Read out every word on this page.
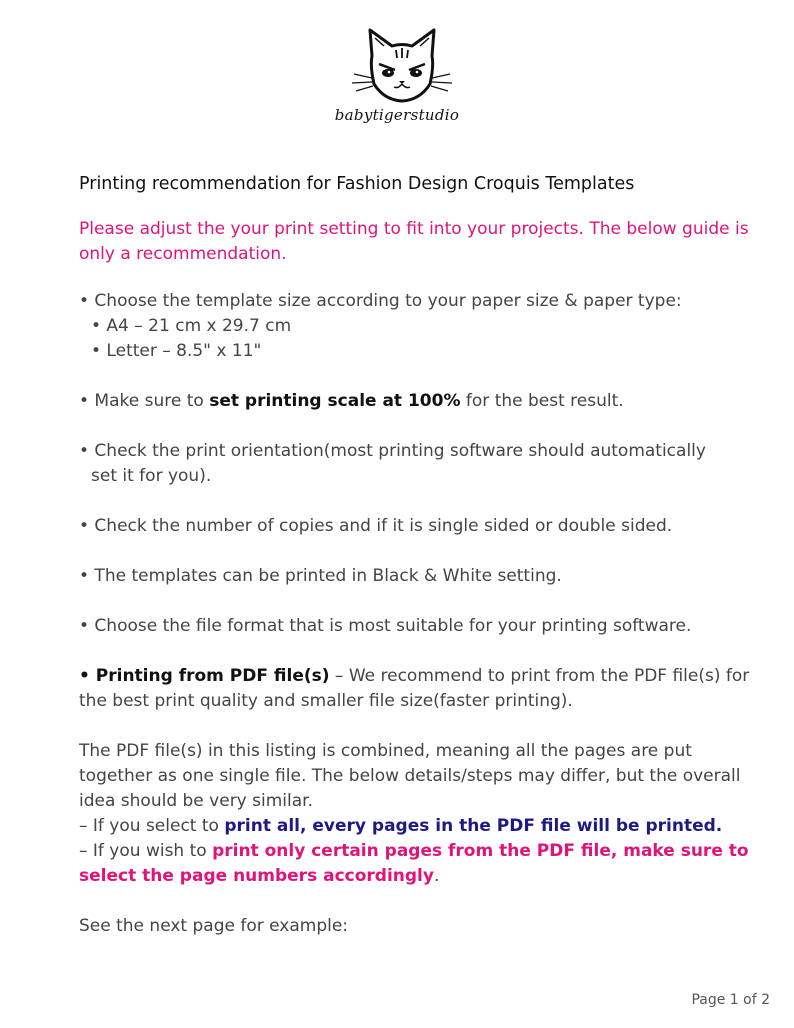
babytigerstudio

Printing recommendation for Fashion Design Croquis Templates

Please adjust the your print setting to fit into your projects. The below guide is only a recommendation.

• Choose the template size according to your paper size & paper type:

• A4 – 21 cm x 29.7 cm

• Letter – 8.5" x 11"

• Make sure to set printing scale at 100% for the best result.

• Check the print orientation(most printing software should automatically

set it for you).

• Check the number of copies and if it is single sided or double sided.

• The templates can be printed in Black & White setting.

• Choose the file format that is most suitable for your printing software.

• Printing from PDF file(s) – We recommend to print from the PDF file(s) for the best print quality and smaller file size(faster printing).

The PDF file(s) in this listing is combined, meaning all the pages are put together as one single file. The below details/steps may differ, but the overall idea should be very similar.

– If you select to print all, every pages in the PDF file will be printed.

– If you wish to print only certain pages from the PDF file, make sure to select the page numbers accordingly.

See the next page for example:

Page 1 of 2
